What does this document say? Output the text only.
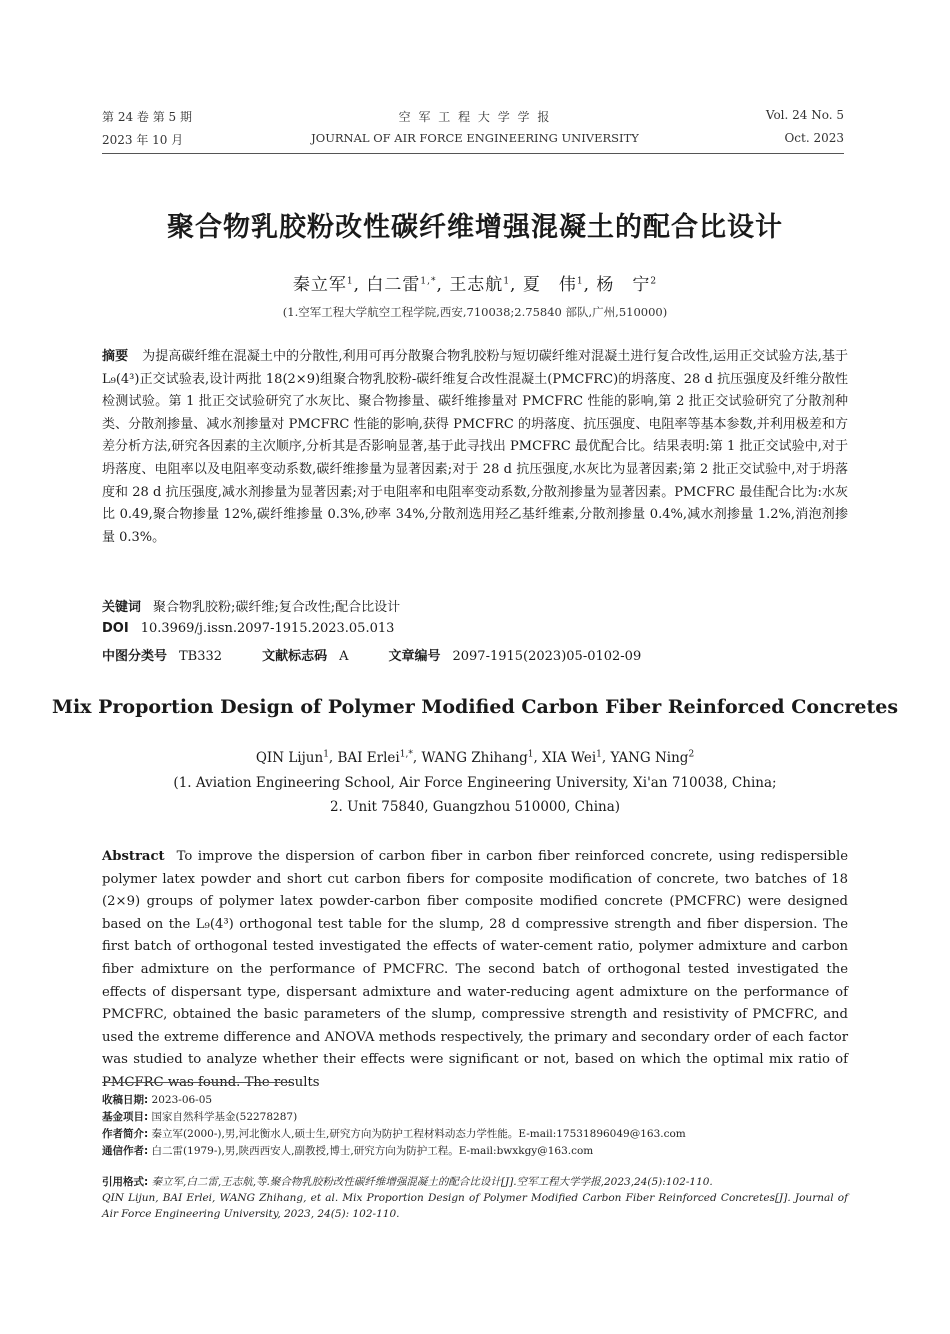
第 24 卷 第 5 期
2023 年 10 月
空 军 工 程 大 学 学 报
JOURNAL OF AIR FORCE ENGINEERING UNIVERSITY
Vol. 24 No. 5
Oct. 2023
聚合物乳胶粉改性碳纤维增强混凝土的配合比设计
秦立军$^1$, 白二雷$^{1,*}$, 王志航$^1$, 夏　伟$^1$, 杨　宁$^2$
(1.空军工程大学航空工程学院,西安,710038;2.75840 部队,广州,510000)

摘要 为提高碳纤维在混凝土中的分散性,利用可再分散聚合物乳胶粉与短切碳纤维对混凝土进行复合改性,运用正交试验方法,基于 L₉(4³)正交试验表,设计两批 18(2×9)组聚合物乳胶粉-碳纤维复合改性混凝土(PMCFRC)的坍落度、28 d 抗压强度及纤维分散性检测试验。第 1 批正交试验研究了水灰比、聚合物掺量、碳纤维掺量对 PMCFRC 性能的影响,第 2 批正交试验研究了分散剂种类、分散剂掺量、减水剂掺量对 PMCFRC 性能的影响,获得 PMCFRC 的坍落度、抗压强度、电阻率等基本参数,并利用极差和方差分析方法,研究各因素的主次顺序,分析其是否影响显著,基于此寻找出 PMCFRC 最优配合比。结果表明:第 1 批正交试验中,对于坍落度、电阻率以及电阻率变动系数,碳纤维掺量为显著因素;对于 28 d 抗压强度,水灰比为显著因素;第 2 批正交试验中,对于坍落度和 28 d 抗压强度,减水剂掺量为显著因素;对于电阻率和电阻率变动系数,分散剂掺量为显著因素。PMCFRC 最佳配合比为:水灰比 0.49,聚合物掺量 12%,碳纤维掺量 0.3%,砂率 34%,分散剂选用羟乙基纤维素,分散剂掺量 0.4%,减水剂掺量 1.2%,消泡剂掺量 0.3%。

关键词 聚合物乳胶粉;碳纤维;复合改性;配合比设计
DOI 10.3969/j.issn.2097-1915.2023.05.013
中图分类号 TB332	文献标志码 A	文章编号 2097-1915(2023)05-0102-09
Mix Proportion Design of Polymer Modified Carbon Fiber Reinforced Concretes
QIN Lijun$^1$, BAI Erlei$^{1,*}$, WANG Zhihang$^1$, XIA Wei$^1$, YANG Ning$^2$
(1. Aviation Engineering School, Air Force Engineering University, Xi'an 710038, China;
2. Unit 75840, Guangzhou 510000, China)

Abstract To improve the dispersion of carbon fiber in carbon fiber reinforced concrete, using redispersible polymer latex powder and short cut carbon fibers for composite modification of concrete, two batches of 18 (2×9) groups of polymer latex powder-carbon fiber composite modified concrete (PMCFRC) were designed based on the L₉(4³) orthogonal test table for the slump, 28 d compressive strength and fiber dispersion. The first batch of orthogonal tested investigated the effects of water-cement ratio, polymer admixture and carbon fiber admixture on the performance of PMCFRC. The second batch of orthogonal tested investigated the effects of dispersant type, dispersant admixture and water-reducing agent admixture on the performance of PMCFRC, obtained the basic parameters of the slump, compressive strength and resistivity of PMCFRC, and used the extreme difference and ANOVA methods respectively, the primary and secondary order of each factor was studied to analyze whether their effects were significant or not, based on which the optimal mix ratio of PMCFRC was found. The results

收稿日期: 2023-06-05
基金项目: 国家自然科学基金(52278287)
作者简介: 秦立军(2000-),男,河北衡水人,硕士生,研究方向为防护工程材料动态力学性能。E-mail:17531896049@163.com
通信作者: 白二雷(1979-),男,陕西西安人,副教授,博士,研究方向为防护工程。E-mail:bwxkgy@163.com
引用格式: 秦立军,白二雷,王志航,等.聚合物乳胶粉改性碳纤维增强混凝土的配合比设计[J].空军工程大学学报,2023,24(5):102-110.
QIN Lijun, BAI Erlei, WANG Zhihang, et al. Mix Proportion Design of Polymer Modified Carbon Fiber Reinforced Concretes[J]. Journal of Air Force Engineering University, 2023, 24(5): 102-110.
